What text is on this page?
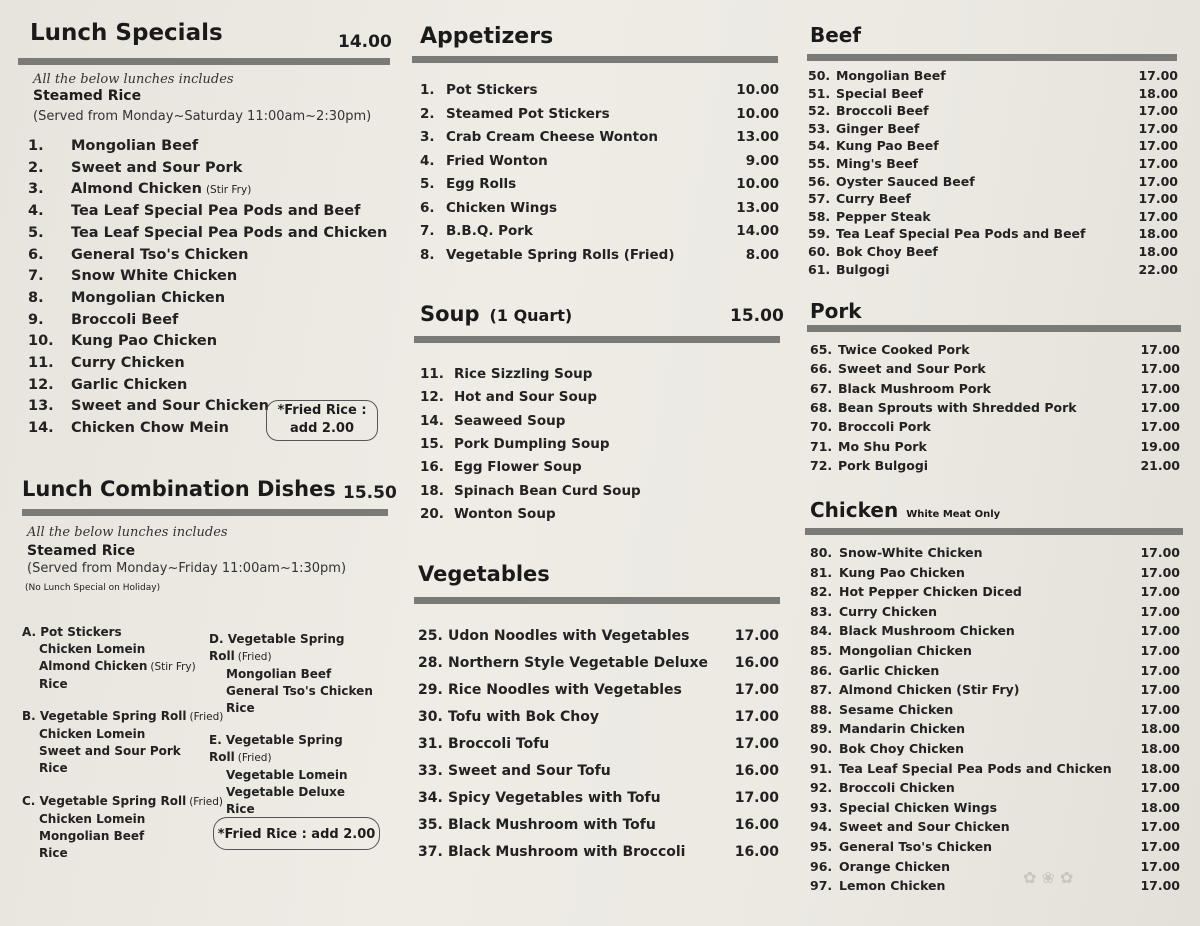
Lunch Specials	14.00
All the below lunches includes
Steamed Rice
(Served from Monday~Saturday 11:00am~2:30pm)
1. Mongolian Beef
2. Sweet and Sour Pork
3. Almond Chicken (Stir Fry)
4. Tea Leaf Special Pea Pods and Beef
5. Tea Leaf Special Pea Pods and Chicken
6. General Tso's Chicken
7. Snow White Chicken
8. Mongolian Chicken
9. Broccoli Beef
10. Kung Pao Chicken
11. Curry Chicken
12. Garlic Chicken
13. Sweet and Sour Chicken
14. Chicken Chow Mein
*Fried Rice :
add 2.00
Lunch Combination Dishes 15.50
All the below lunches includes
Steamed Rice
(Served from Monday~Friday 11:00am~1:30pm)
(No Lunch Special on Holiday)
A. Pot Stickers
Chicken Lomein
Almond Chicken (Stir Fry)
Rice
D. Vegetable Spring Roll (Fried)
Mongolian Beef
General Tso's Chicken
Rice
B. Vegetable Spring Roll (Fried)
Chicken Lomein
Sweet and Sour Pork
Rice
E. Vegetable Spring Roll (Fried)
Vegetable Lomein
Vegetable Deluxe
Rice
C. Vegetable Spring Roll (Fried)
Chicken Lomein
Mongolian Beef
Rice
*Fried Rice : add 2.00
Appetizers
1. Pot Stickers	10.00
2. Steamed Pot Stickers	10.00
3. Crab Cream Cheese Wonton	13.00
4. Fried Wonton	9.00
5. Egg Rolls	10.00
6. Chicken Wings	13.00
7. B.B.Q. Pork	14.00
8. Vegetable Spring Rolls (Fried)	8.00
Soup (1 Quart)	15.00
11. Rice Sizzling Soup
12. Hot and Sour Soup
14. Seaweed Soup
15. Pork Dumpling Soup
16. Egg Flower Soup
18. Spinach Bean Curd Soup
20. Wonton Soup
Vegetables
25. Udon Noodles with Vegetables	17.00
28. Northern Style Vegetable Deluxe 16.00
29. Rice Noodles with Vegetables	17.00
30. Tofu with Bok Choy	17.00
31. Broccoli Tofu	17.00
33. Sweet and Sour Tofu	16.00
34. Spicy Vegetables with Tofu	17.00
35. Black Mushroom with Tofu	16.00
37. Black Mushroom with Broccoli	16.00
Beef
50. Mongolian Beef	17.00
51. Special Beef	18.00
52. Broccoli Beef	17.00
53. Ginger Beef	17.00
54. Kung Pao Beef	17.00
55. Ming's Beef	17.00
56. Oyster Sauced Beef	17.00
57. Curry Beef	17.00
58. Pepper Steak	17.00
59. Tea Leaf Special Pea Pods and Beef	18.00
60. Bok Choy Beef	18.00
61. Bulgogi	22.00
Pork
65. Twice Cooked Pork	17.00
66. Sweet and Sour Pork	17.00
67. Black Mushroom Pork	17.00
68. Bean Sprouts with Shredded Pork	17.00
70. Broccoli Pork	17.00
71. Mo Shu Pork	19.00
72. Pork Bulgogi	21.00
Chicken White Meat Only
80. Snow-White Chicken	17.00
81. Kung Pao Chicken	17.00
82. Hot Pepper Chicken Diced	17.00
83. Curry Chicken	17.00
84. Black Mushroom Chicken	17.00
85. Mongolian Chicken	17.00
86. Garlic Chicken	17.00
87. Almond Chicken (Stir Fry)	17.00
88. Sesame Chicken	17.00
89. Mandarin Chicken	18.00
90. Bok Choy Chicken	18.00
91. Tea Leaf Special Pea Pods and Chicken 18.00
92. Broccoli Chicken	17.00
93. Special Chicken Wings	18.00
94. Sweet and Sour Chicken	17.00
95. General Tso's Chicken	17.00
96. Orange Chicken	17.00
97. Lemon Chicken	17.00
✿ ❀ ✿
